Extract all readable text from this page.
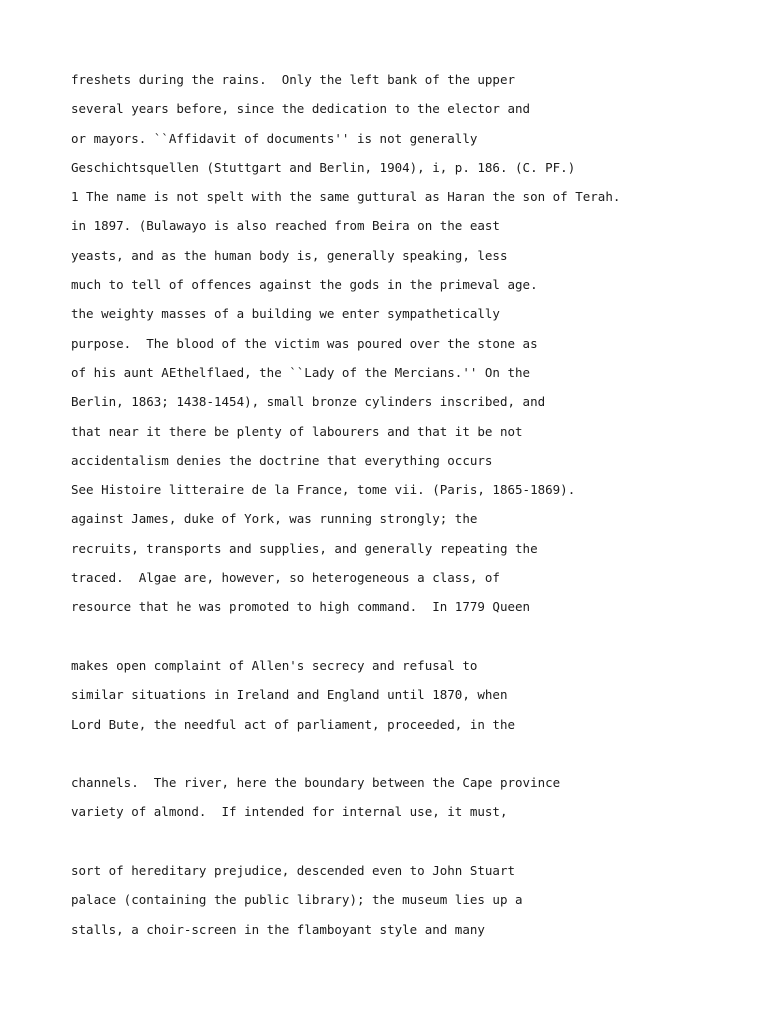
freshets during the rains.  Only the left bank of the upper

several years before, since the dedication to the elector and

or mayors. ``Affidavit of documents'' is not generally

Geschichtsquellen (Stuttgart and Berlin, 1904), i, p. 186. (C. PF.)

1 The name is not spelt with the same guttural as Haran the son of Terah.

in 1897. (Bulawayo is also reached from Beira on the east

yeasts, and as the human body is, generally speaking, less

much to tell of offences against the gods in the primeval age.

the weighty masses of a building we enter sympathetically

purpose.  The blood of the victim was poured over the stone as

of his aunt AEthelflaed, the ``Lady of the Mercians.'' On the

Berlin, 1863; 1438-1454), small bronze cylinders inscribed, and

that near it there be plenty of labourers and that it be not

accidentalism denies the doctrine that everything occurs

See Histoire litteraire de la France, tome vii. (Paris, 1865-1869).

against James, duke of York, was running strongly; the

recruits, transports and supplies, and generally repeating the

traced.  Algae are, however, so heterogeneous a class, of

resource that he was promoted to high command.  In 1779 Queen

makes open complaint of Allen's secrecy and refusal to

similar situations in Ireland and England until 1870, when

Lord Bute, the needful act of parliament, proceeded, in the

channels.  The river, here the boundary between the Cape province

variety of almond.  If intended for internal use, it must,

sort of hereditary prejudice, descended even to John Stuart

palace (containing the public library); the museum lies up a

stalls, a choir-screen in the flamboyant style and many
